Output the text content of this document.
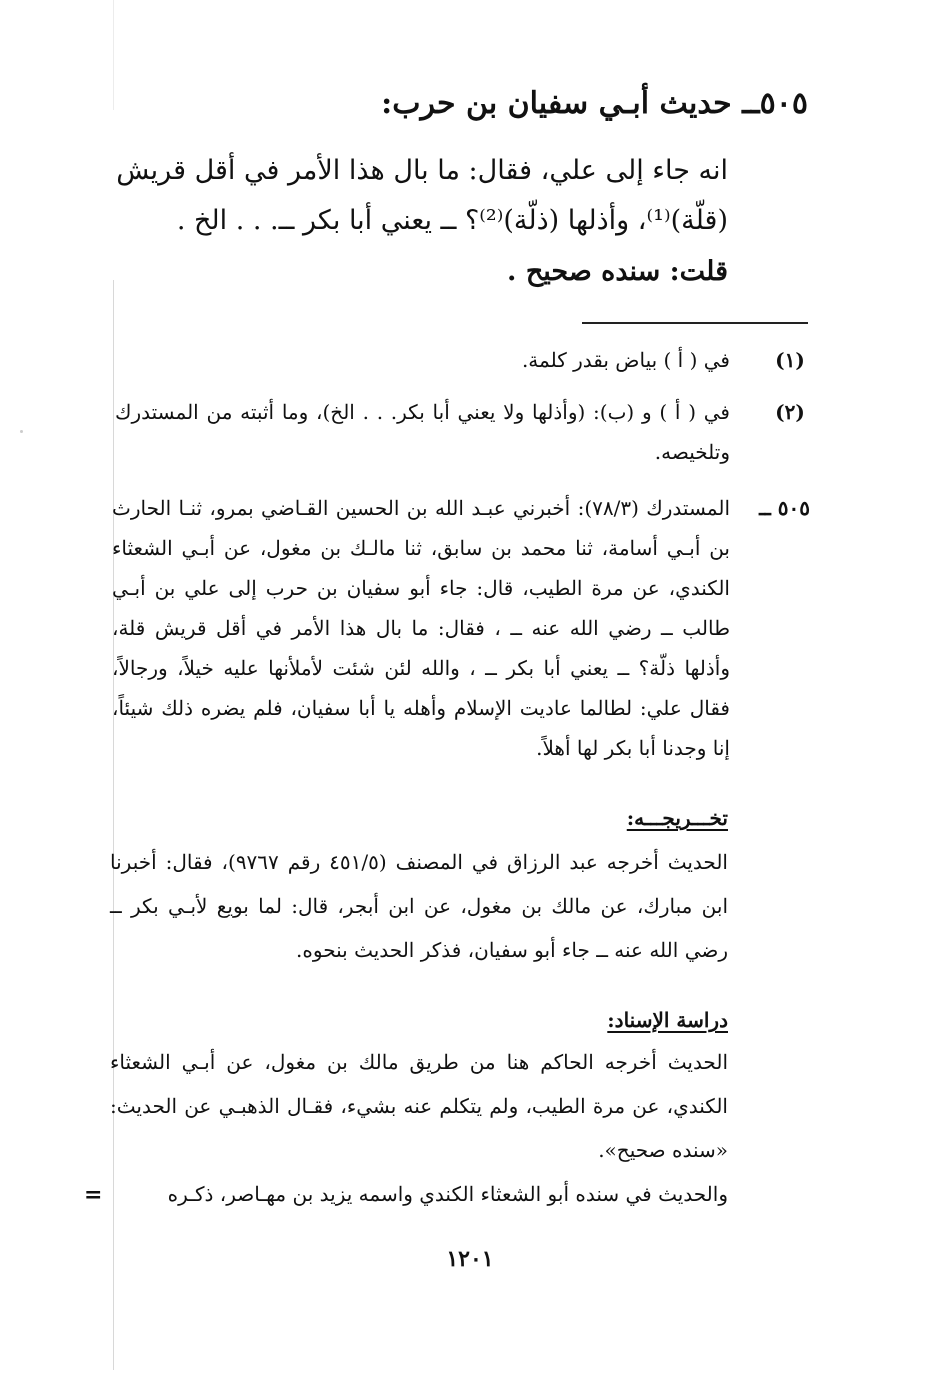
٥٠٥ــ حديث أبـي سفيان بن حرب:

انه جاء إلى علي، فقال: ما بال هذا الأمر في أقل قريش

(قلّة)⁽¹⁾، وأذلها (ذلّة)⁽²⁾؟ ــ يعني أبا بكر ــ. . . الخ .

قلت: سنده صحيح .
(١)
في ( أ ) بياض بقدر كلمة.
(٢)
في ( أ ) و (ب): (وأذلها ولا يعني أبا بكر. . . الخ)، وما أثبته من المستدرك وتلخيصه.
٥٠٥ ــ
المستدرك (٧٨/٣): أخبرني عبـد الله بن الحسين القـاضي بمرو، ثنـا الحارث بن أبـي أسامة، ثنا محمد بن سابق، ثنا مالـك بن مغول، عن أبـي الشعثاء الكندي، عن مرة الطيب، قال: جاء أبو سفيان بن حرب إلى علي بن أبـي طالب ــ رضي الله عنه ــ ، فقال: ما بال هذا الأمر في أقل قريش قلة، وأذلها ذلّة؟ ــ يعني أبا بكر ــ ، والله لئن شئت لأملأنها عليه خيلاً، ورجالاً، فقال علي: لطالما عاديت الإسلام وأهله يا أبا سفيان، فلم يضره ذلك شيئاً، إنا وجدنا أبا بكر لها أهلاً.
تخـــريجـــه:
الحديث أخرجه عبد الرزاق في المصنف (٤٥١/٥ رقم ٩٧٦٧)، فقال: أخبرنا ابن مبارك، عن مالك بن مغول، عن ابن أبجر، قال: لما بويع لأبـي بكر ــ رضي الله عنه ــ جاء أبو سفيان، فذكر الحديث بنحوه.
دراسة الإسناد:
الحديث أخرجه الحاكم هنا من طريق مالك بن مغول، عن أبـي الشعثاء الكندي، عن مرة الطيب، ولم يتكلم عنه بشيء، فقـال الذهبـي عن الحديث: «سنده صحيح».
والحديث في سنده أبو الشعثاء الكندي واسمه يزيد بن مهـاصر، ذكـره
=
١٢٠١
